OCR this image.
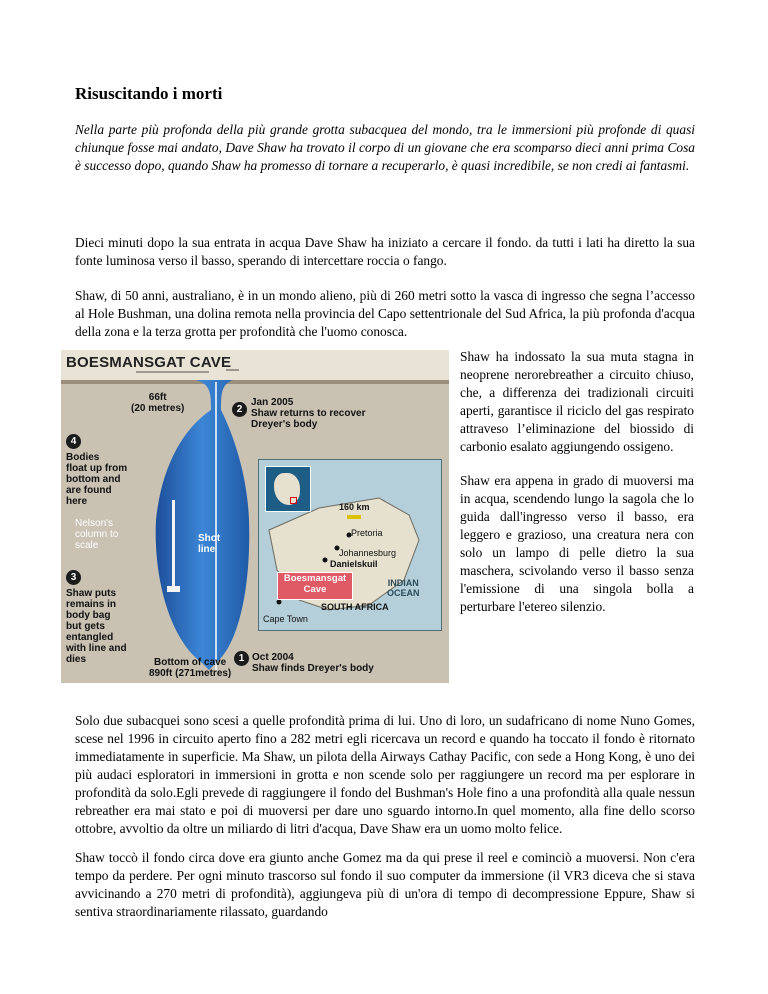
Risuscitando i morti

Nella parte più profonda della più grande grotta subacquea del mondo, tra le immersioni più profonde di quasi chiunque fosse mai andato, Dave Shaw ha trovato il corpo di un giovane che era scomparso dieci anni prima Cosa è successo dopo, quando Shaw ha promesso di tornare a recuperarlo, è quasi incredibile, se non credi ai fantasmi.

Dieci minuti dopo la sua entrata in acqua Dave Shaw ha iniziato a cercare il fondo. da tutti i lati ha diretto la sua fonte luminosa verso il basso, sperando di intercettare roccia o fango.

Shaw, di 50 anni, australiano, è in un mondo alieno, più di 260 metri sotto la vasca di ingresso che segna l’accesso al Hole Bushman, una dolina remota nella provincia del Capo settentrionale del Sud Africa, la più profonda d'acqua della zona e la terza grotta per profondità che l'uomo conosca.

BOESMANSGAT CAVE
66ft
(20 metres)	2
Jan 2005
Shaw returns to recover
Dreyer's body
4
Bodies
float up from
bottom and
are found
here
Nelson's
column to
scale
Shot
line
3
Shaw puts
remains in
body bag
but gets
entangled
with line and
dies	Bottom of cave
890ft (271metres)
1 Oct 2004
Shaw finds Dreyer's body
160 km
Pretoria
Johannesburg
Danielskuil
Boesmansgat
Cave
SOUTH AFRICA
INDIAN
OCEAN
Cape Town

Shaw ha indossato la sua muta stagna in neoprene nerorebreather a circuito chiuso, che, a differenza dei tradizionali circuiti aperti, garantisce il riciclo del gas respirato attraveso l’eliminazione del biossido di carbonio esalato aggiungendo ossigeno.

Shaw era appena in grado di muoversi ma in acqua, scendendo lungo la sagola che lo guida dall'ingresso verso il basso, era leggero e grazioso, una creatura nera con solo un lampo di pelle dietro la sua maschera, scivolando verso il basso senza l'emissione di una singola bolla a perturbare l'etereo silenzio.

Solo due subacquei sono scesi a quelle profondità prima di lui. Uno di loro, un sudafricano di nome Nuno Gomes, scese nel 1996 in circuito aperto fino a 282 metri egli ricercava un record e quando ha toccato il fondo è ritornato immediatamente in superficie. Ma Shaw, un pilota della Airways Cathay Pacific, con sede a Hong Kong, è uno dei più audaci esploratori in immersioni in grotta e non scende solo per raggiungere un record ma per esplorare in profondità da solo.Egli prevede di raggiungere il fondo del Bushman's Hole fino a una profondità alla quale nessun rebreather era mai stato e poi di muoversi per dare uno sguardo intorno.In quel momento, alla fine dello scorso ottobre, avvoltio da oltre un miliardo di litri d'acqua, Dave Shaw era un uomo molto felice.

Shaw toccò il fondo circa dove era giunto anche Gomez ma da qui prese il reel e cominciò a muoversi. Non c'era tempo da perdere. Per ogni minuto trascorso sul fondo il suo computer da immersione (il VR3 diceva che si stava avvicinando a 270 metri di profondità), aggiungeva più di un'ora di tempo di decompressione Eppure, Shaw si sentiva straordinariamente rilassato, guardando
